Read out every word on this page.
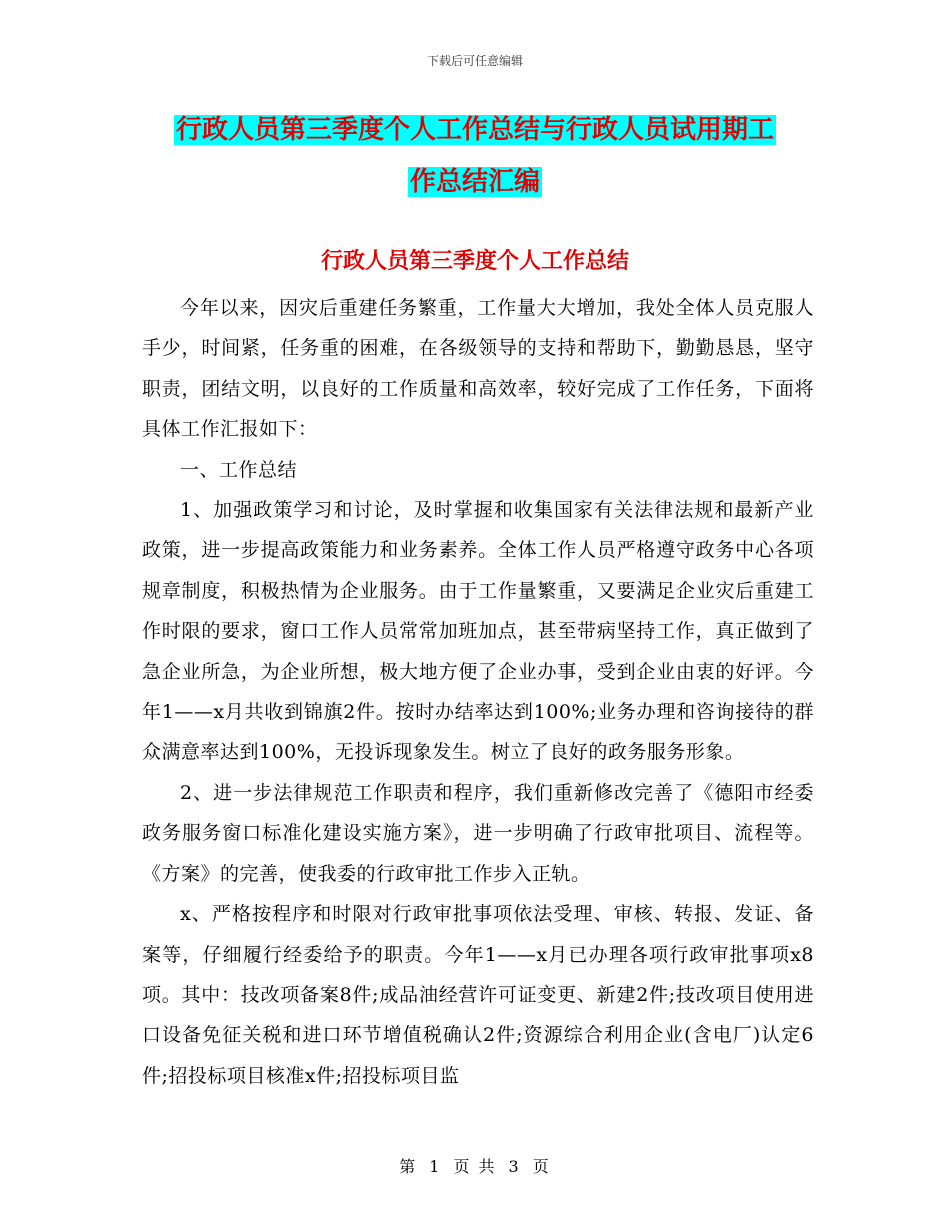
下载后可任意编辑
行政人员第三季度个人工作总结与行政人员试用期工
作总结汇编
行政人员第三季度个人工作总结

今年以来，因灾后重建任务繁重，工作量大大增加，我处全体人员克服人手少，时间紧，任务重的困难，在各级领导的支持和帮助下，勤勤恳恳，坚守职责，团结文明，以良好的工作质量和高效率，较好完成了工作任务，下面将具体工作汇报如下：

一、工作总结

1、加强政策学习和讨论，及时掌握和收集国家有关法律法规和最新产业政策，进一步提高政策能力和业务素养。全体工作人员严格遵守政务中心各项规章制度，积极热情为企业服务。由于工作量繁重，又要满足企业灾后重建工作时限的要求，窗口工作人员常常加班加点，甚至带病坚持工作，真正做到了急企业所急，为企业所想，极大地方便了企业办事，受到企业由衷的好评。今年1——x月共收到锦旗2件。按时办结率达到100%;业务办理和咨询接待的群众满意率达到100%，无投诉现象发生。树立了良好的政务服务形象。

2、进一步法律规范工作职责和程序，我们重新修改完善了《德阳市经委政务服务窗口标准化建设实施方案》，进一步明确了行政审批项目、流程等。《方案》的完善，使我委的行政审批工作步入正轨。

x、严格按程序和时限对行政审批事项依法受理、审核、转报、发证、备案等，仔细履行经委给予的职责。今年1——x月已办理各项行政审批事项x8项。其中：技改项备案8件;成品油经营许可证变更、新建2件;技改项目使用进口设备免征关税和进口环节增值税确认2件;资源综合利用企业(含电厂)认定6件;招投标项目核准x件;招投标项目监

第 1 页 共 3 页
